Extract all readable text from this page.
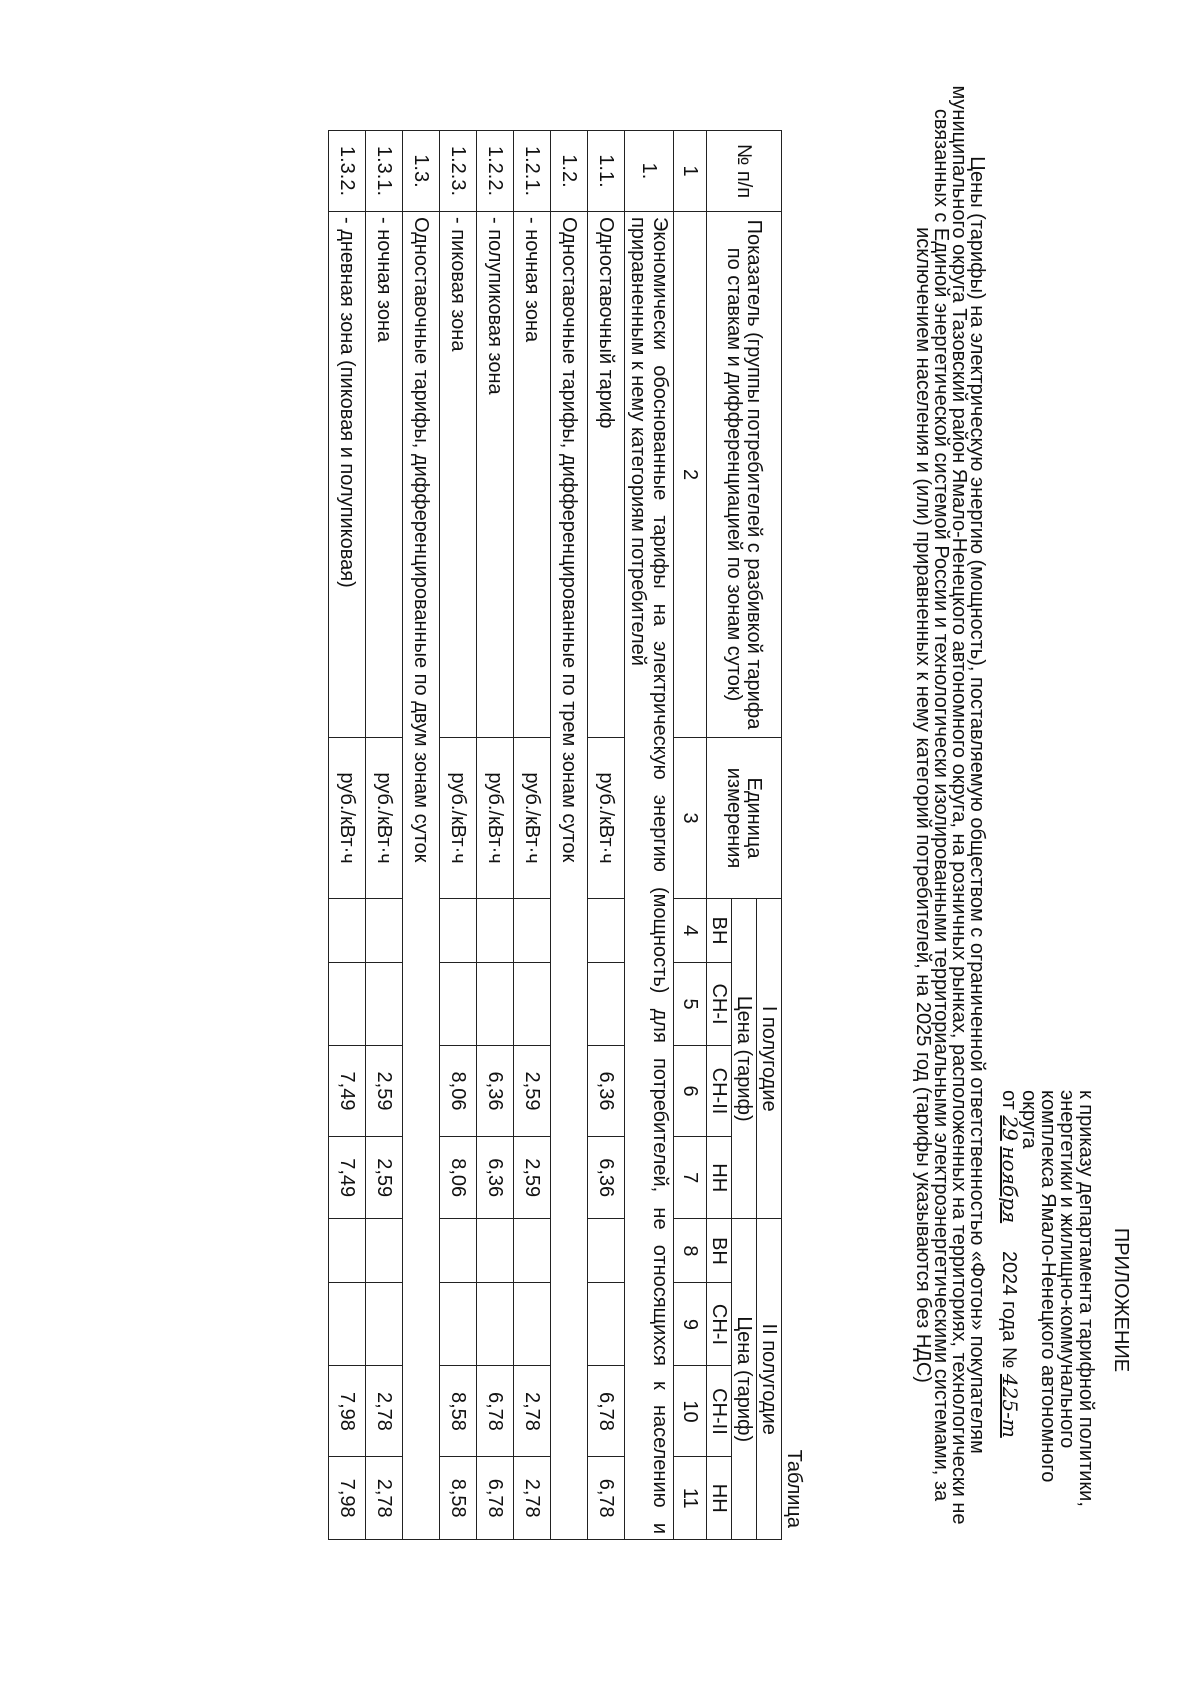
ПРИЛОЖЕНИЕ
к приказу департамента тарифной политики,
энергетики и жилищно-коммунального
комплекса Ямало-Ненецкого автономного
округа
от 29 ноября     2024 года № 425-т
Цены (тарифы) на электрическую энергию (мощность), поставляемую обществом с ограниченной ответственностью «Фотон» покупателям муниципального округа Тазовский район Ямало-Ненецкого автономного округа, на розничных рынках, расположенных на территориях, технологически не связанных с Единой энергетической системой России и технологически изолированными территориальными электроэнергетическими системами, за исключением населения и (или) приравненных к нему категорий потребителей, на 2025 год (тарифы указываются без НДС)
Таблица
№ п/п	Показатель (группы потребителей с разбивкой тарифа по ставкам и дифференциацией по зонам суток)	Единица измерения	I полугодие				II полугодие			
			Цена (тариф)				Цена (тариф)			
			ВН	СН-I	СН-II	НН	ВН	СН-I	СН-II	НН
1	2	3	4	5	6	7	8	9	10	11
1.	Экономически обоснованные тарифы на электрическую энергию (мощность) для потребителей, не относящихся к населению и приравненным к нему категориям потребителей									
1.1.	Одноставочный тариф	руб./кВт·ч			6,36	6,36			6,78	6,78
1.2.	Одноставочные тарифы, дифференцированные по трем зонам суток									
1.2.1.	- ночная зона	руб./кВт·ч			2,59	2,59			2,78	2,78
1.2.2.	- полупиковая зона	руб./кВт·ч			6,36	6,36			6,78	6,78
1.2.3.	- пиковая зона	руб./кВт·ч			8,06	8,06			8,58	8,58
1.3.	Одноставочные тарифы, дифференцированные по двум зонам суток									
1.3.1.	- ночная зона	руб./кВт·ч			2,59	2,59			2,78	2,78
1.3.2.	- дневная зона (пиковая и полупиковая)	руб./кВт·ч			7,49	7,49			7,98	7,98
